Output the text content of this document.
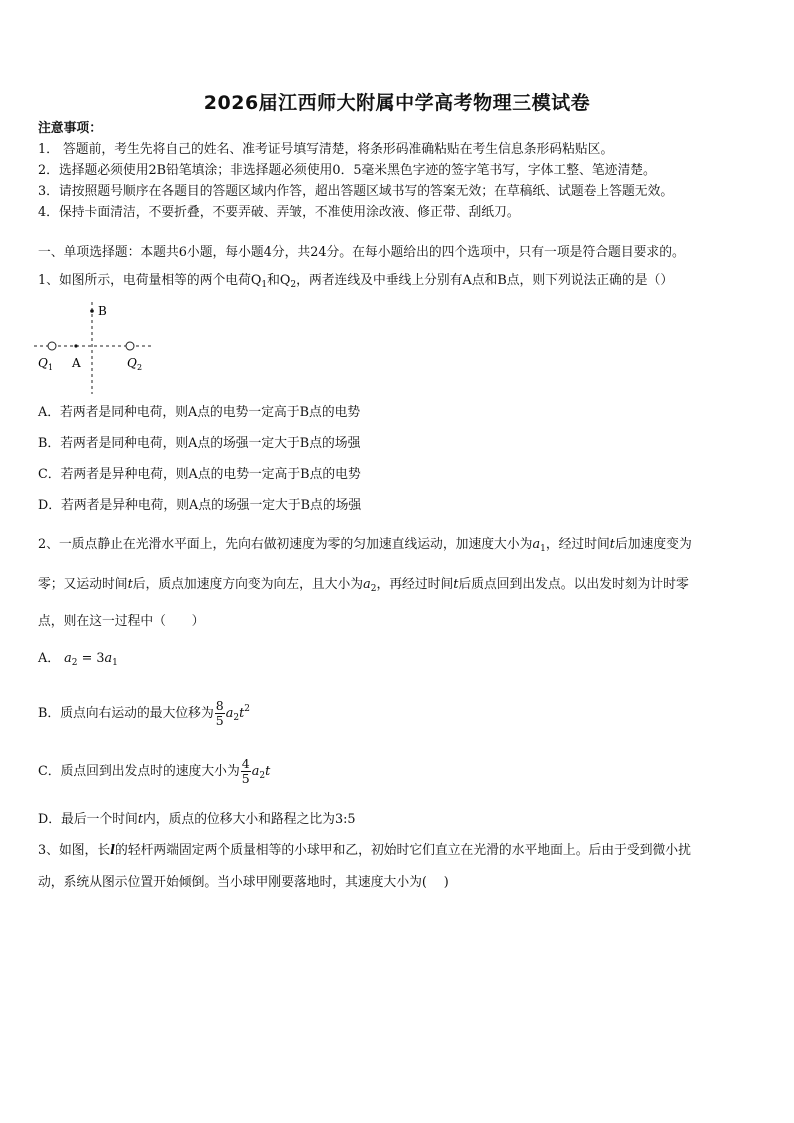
2026届江西师大附属中学高考物理三模试卷
注意事项：
1． 答题前，考生先将自己的姓名、准考证号填写清楚，将条形码准确粘贴在考生信息条形码粘贴区。
2．选择题必须使用2B铅笔填涂；非选择题必须使用0．5毫米黑色字迹的签字笔书写，字体工整、笔迹清楚。
3．请按照题号顺序在各题目的答题区域内作答，超出答题区域书写的答案无效；在草稿纸、试题卷上答题无效。
4．保持卡面清洁，不要折叠，不要弄破、弄皱，不准使用涂改液、修正带、刮纸刀。
一、单项选择题：本题共6小题，每小题4分，共24分。在每小题给出的四个选项中，只有一项是符合题目要求的。
1、如图所示，电荷量相等的两个电荷$Q_1$和$Q_2$，两者连线及中垂线上分别有A点和B点，则下列说法正确的是（）
B
Q 1 A	Q 2
A．若两者是同种电荷，则A点的电势一定高于B点的电势
B．若两者是同种电荷，则A点的场强一定大于B点的场强
C．若两者是异种电荷，则A点的电势一定高于B点的电势
D．若两者是异种电荷，则A点的场强一定大于B点的场强
2、一质点静止在光滑水平面上，先向右做初速度为零的匀加速直线运动，加速度大小为$a_1$，经过时间t后加速度变为
零；又运动时间t后，质点加速度方向变为向左，且大小为$a_2$，再经过时间t后质点回到出发点。以出发时刻为计时零
点，则在这一过程中（　　）
A． $a_2 = 3a_1$
B．质点向右运动的最大位移为 $\frac{8}{5} a_2t^2$
C．质点回到出发点时的速度大小为 $\frac{4}{5} a_2t$
D．最后一个时间t内，质点的位移大小和路程之比为3:5
3、如图，长l的轻杆两端固定两个质量相等的小球甲和乙，初始时它们直立在光滑的水平地面上。后由于受到微小扰
动，系统从图示位置开始倾倒。当小球甲刚要落地时，其速度大小为(　 )
